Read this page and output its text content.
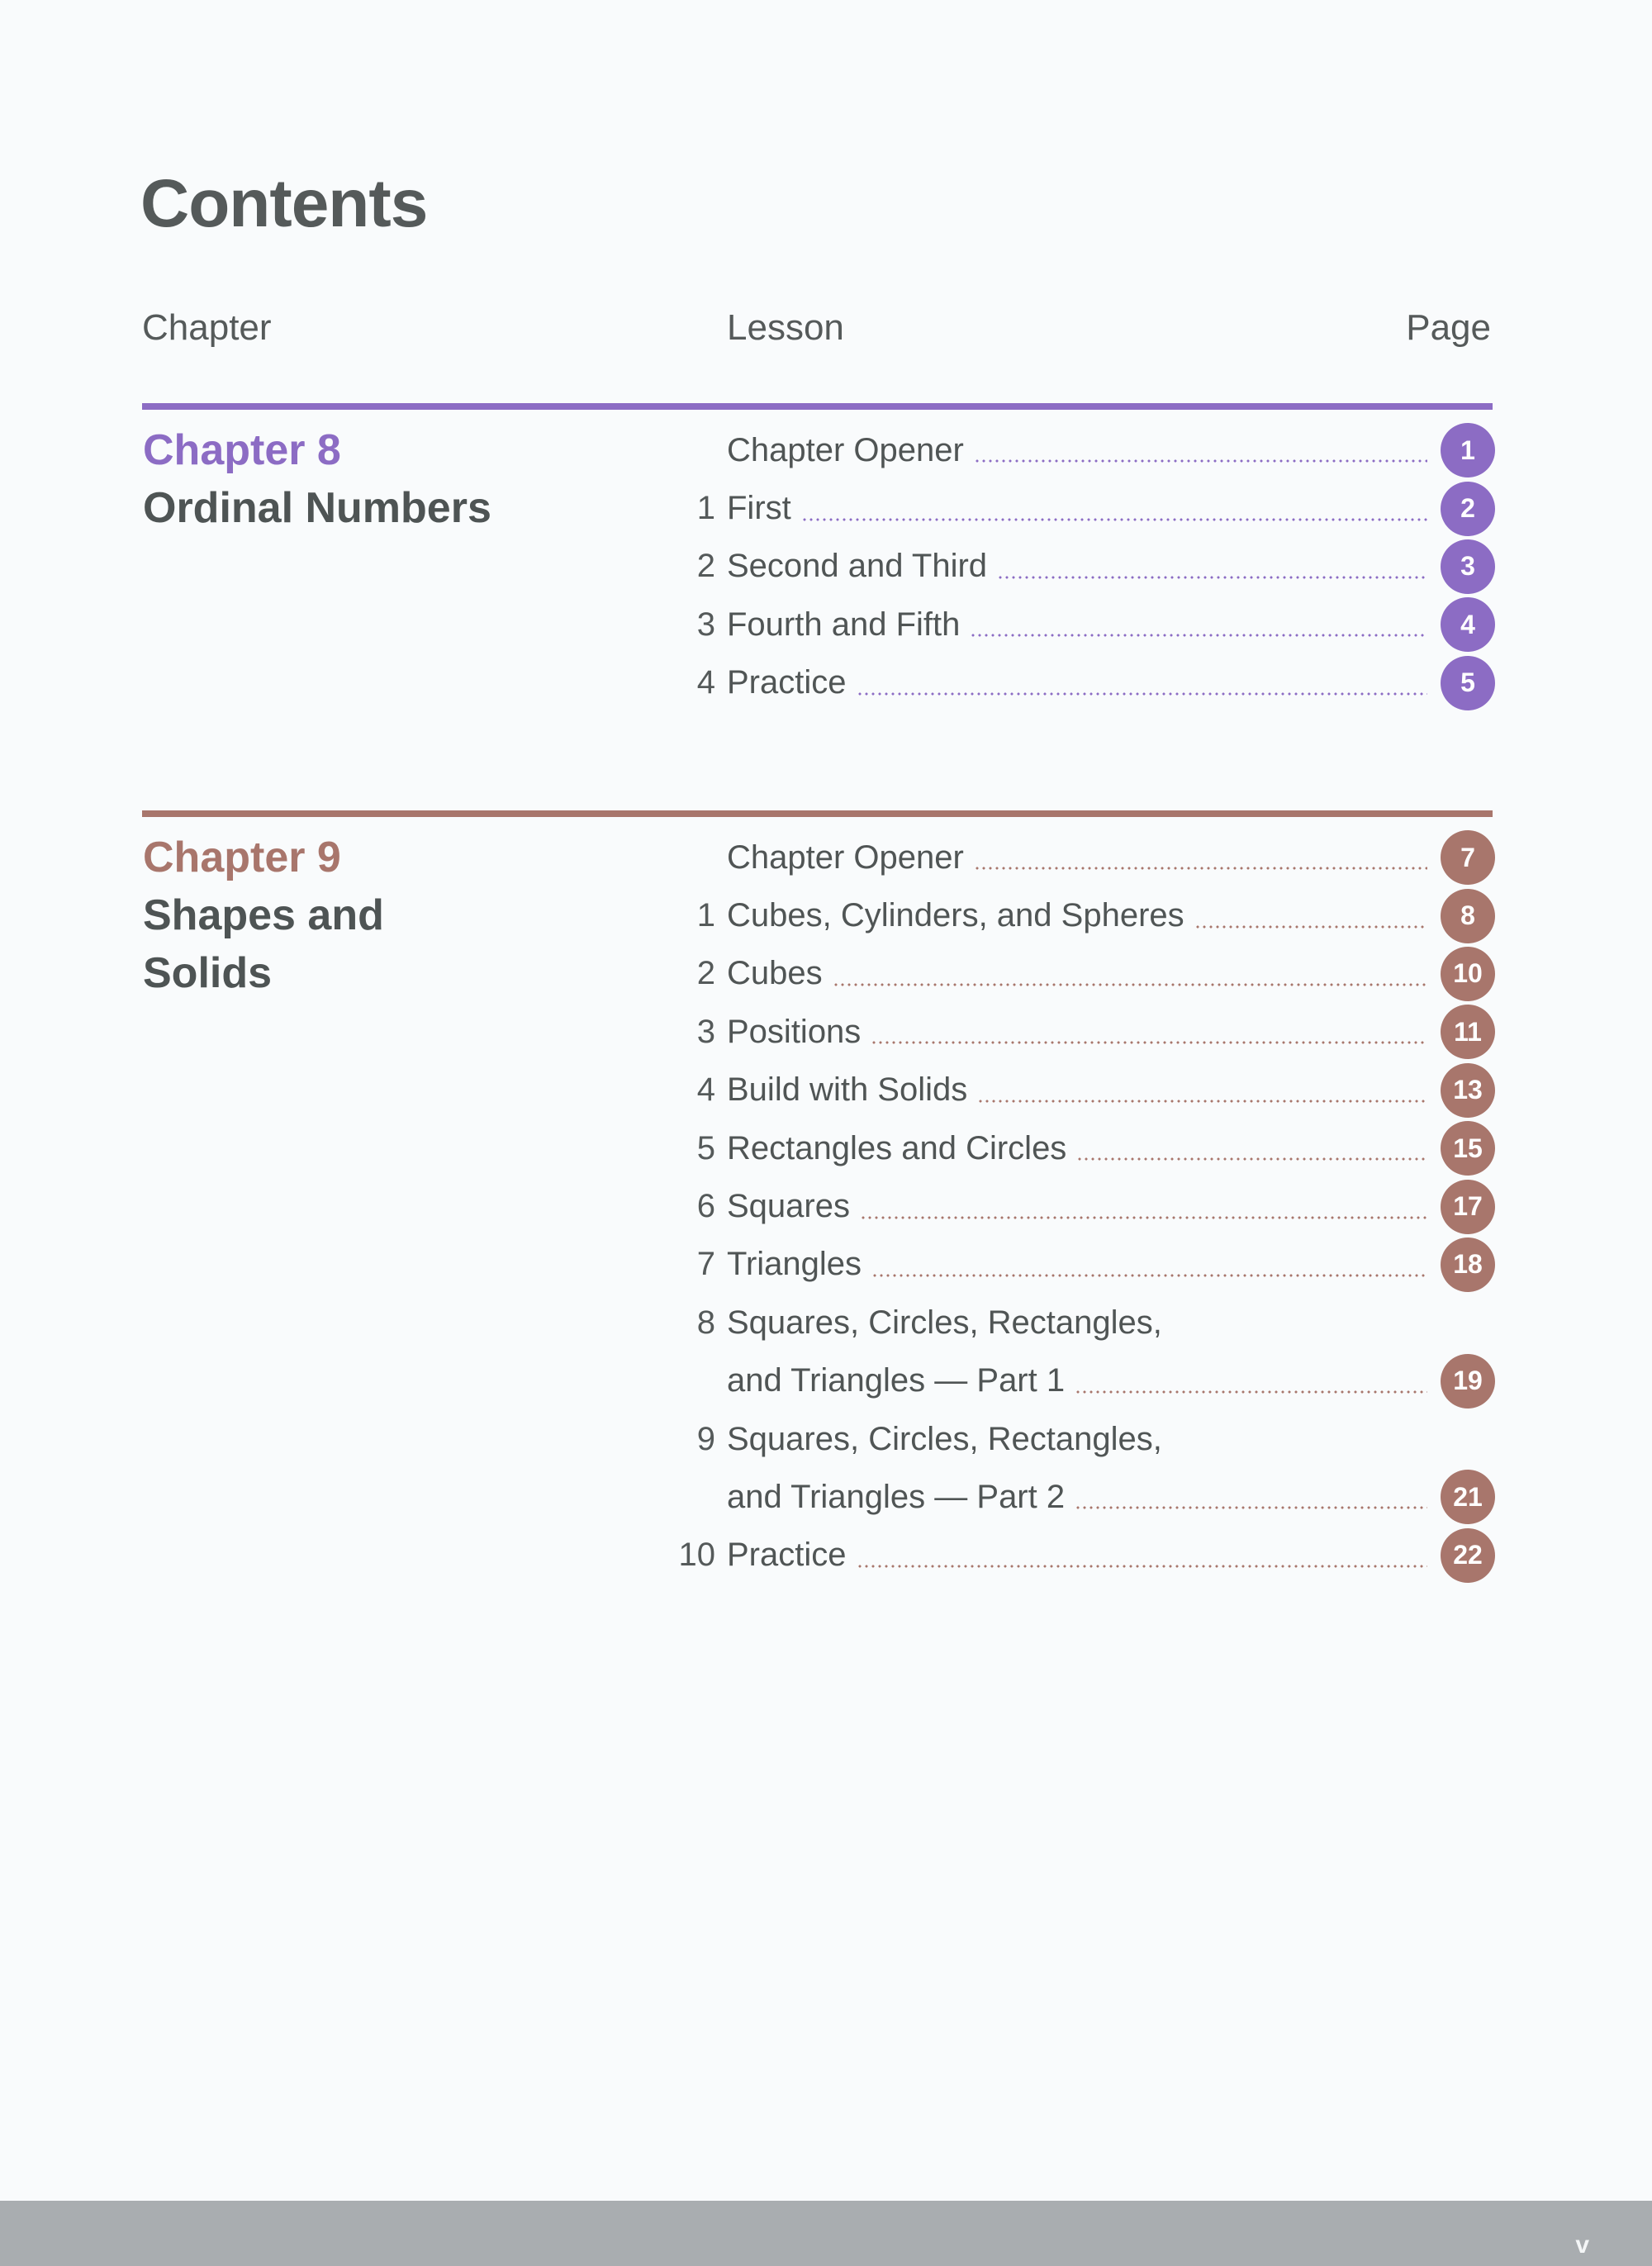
Contents
Chapter	Lesson	Page
Chapter 8
Ordinal Numbers
Chapter Opener	1
1 First	2
2 Second and Third	3
3 Fourth and Fifth	4
4 Practice	5
Chapter 9
Shapes and
Solids
Chapter Opener	7
1 Cubes, Cylinders, and Spheres	8
2 Cubes	10
3 Positions	11
4 Build with Solids	13
5 Rectangles and Circles	15
6 Squares	17
7 Triangles	18
8 Squares, Circles, Rectangles,
and Triangles — Part 1	19
9 Squares, Circles, Rectangles,
and Triangles — Part 2	21
10 Practice	22
v
